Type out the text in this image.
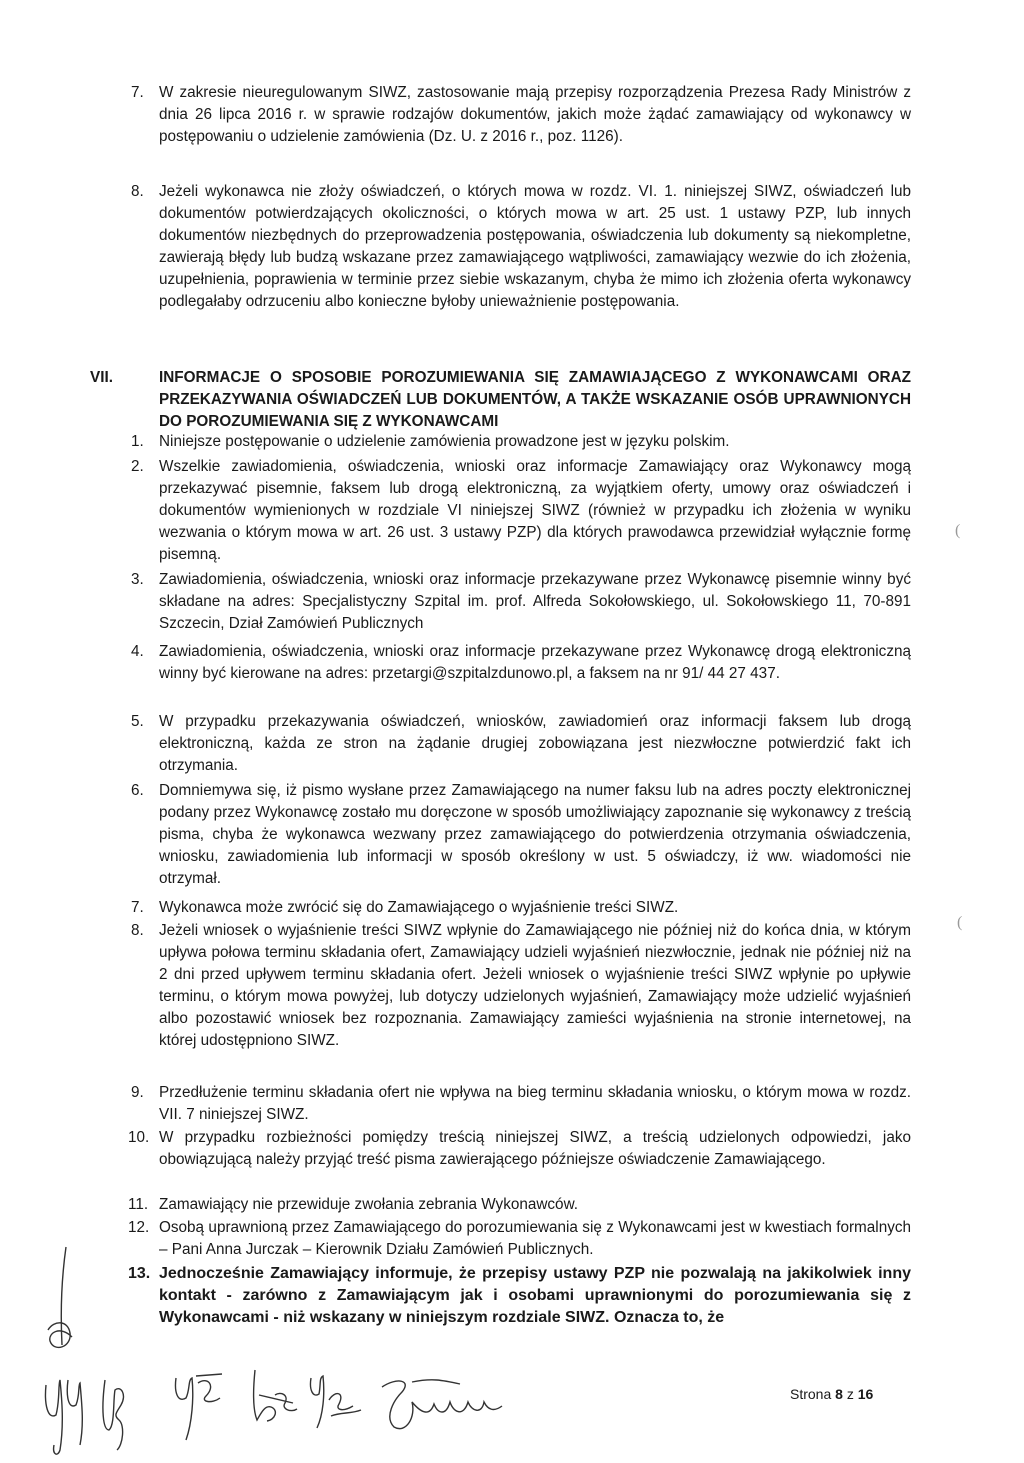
7. W zakresie nieuregulowanym SIWZ, zastosowanie mają przepisy rozporządzenia Prezesa Rady Ministrów z dnia 26 lipca 2016 r. w sprawie rodzajów dokumentów, jakich może żądać zamawiający od wykonawcy w postępowaniu o udzielenie zamówienia (Dz. U. z 2016 r., poz. 1126).
8. Jeżeli wykonawca nie złoży oświadczeń, o których mowa w rozdz. VI. 1. niniejszej SIWZ, oświadczeń lub dokumentów potwierdzających okoliczności, o których mowa w art. 25 ust. 1 ustawy PZP, lub innych dokumentów niezbędnych do przeprowadzenia postępowania, oświadczenia lub dokumenty są niekompletne, zawierają błędy lub budzą wskazane przez zamawiającego wątpliwości, zamawiający wezwie do ich złożenia, uzupełnienia, poprawienia w terminie przez siebie wskazanym, chyba że mimo ich złożenia oferta wykonawcy podlegałaby odrzuceniu albo konieczne byłoby unieważnienie postępowania.
VII.	INFORMACJE O SPOSOBIE POROZUMIEWANIA SIĘ ZAMAWIAJĄCEGO Z WYKONAWCAMI ORAZ PRZEKAZYWANIA OŚWIADCZEŃ LUB DOKUMENTÓW, A TAKŻE WSKAZANIE OSÓB UPRAWNIONYCH DO POROZUMIEWANIA SIĘ Z WYKONAWCAMI
1. Niniejsze postępowanie o udzielenie zamówienia prowadzone jest w języku polskim.
2. Wszelkie zawiadomienia, oświadczenia, wnioski oraz informacje Zamawiający oraz Wykonawcy mogą przekazywać pisemnie, faksem lub drogą elektroniczną, za wyjątkiem oferty, umowy oraz oświadczeń i dokumentów wymienionych w rozdziale VI niniejszej SIWZ (również w przypadku ich złożenia w wyniku wezwania o którym mowa w art. 26 ust. 3 ustawy PZP) dla których prawodawca przewidział wyłącznie formę pisemną.
3. Zawiadomienia, oświadczenia, wnioski oraz informacje przekazywane przez Wykonawcę pisemnie winny być składane na adres: Specjalistyczny Szpital im. prof. Alfreda Sokołowskiego, ul. Sokołowskiego 11, 70-891 Szczecin, Dział Zamówień Publicznych
4. Zawiadomienia, oświadczenia, wnioski oraz informacje przekazywane przez Wykonawcę drogą elektroniczną winny być kierowane na adres: przetargi@szpitalzdunowo.pl, a faksem na nr 91/ 44 27 437.
5. W przypadku przekazywania oświadczeń, wniosków, zawiadomień oraz informacji faksem lub drogą elektroniczną, każda ze stron na żądanie drugiej zobowiązana jest niezwłoczne potwierdzić fakt ich otrzymania.
6. Domniemywa się, iż pismo wysłane przez Zamawiającego na numer faksu lub na adres poczty elektronicznej podany przez Wykonawcę zostało mu doręczone w sposób umożliwiający zapoznanie się wykonawcy z treścią pisma, chyba że wykonawca wezwany przez zamawiającego do potwierdzenia otrzymania oświadczenia, wniosku, zawiadomienia lub informacji w sposób określony w ust. 5 oświadczy, iż ww. wiadomości nie otrzymał.
7. Wykonawca może zwrócić się do Zamawiającego o wyjaśnienie treści SIWZ.
8. Jeżeli wniosek o wyjaśnienie treści SIWZ wpłynie do Zamawiającego nie później niż do końca dnia, w którym upływa połowa terminu składania ofert, Zamawiający udzieli wyjaśnień niezwłocznie, jednak nie później niż na 2 dni przed upływem terminu składania ofert. Jeżeli wniosek o wyjaśnienie treści SIWZ wpłynie po upływie terminu, o którym mowa powyżej, lub dotyczy udzielonych wyjaśnień, Zamawiający może udzielić wyjaśnień albo pozostawić wniosek bez rozpoznania. Zamawiający zamieści wyjaśnienia na stronie internetowej, na której udostępniono SIWZ.
9. Przedłużenie terminu składania ofert nie wpływa na bieg terminu składania wniosku, o którym mowa w rozdz. VII. 7 niniejszej SIWZ.
10. W przypadku rozbieżności pomiędzy treścią niniejszej SIWZ, a treścią udzielonych odpowiedzi, jako obowiązującą należy przyjąć treść pisma zawierającego późniejsze oświadczenie Zamawiającego.
11. Zamawiający nie przewiduje zwołania zebrania Wykonawców.
12. Osobą uprawnioną przez Zamawiającego do porozumiewania się z Wykonawcami jest w kwestiach formalnych – Pani Anna Jurczak – Kierownik Działu Zamówień Publicznych.
13. Jednocześnie Zamawiający informuje, że przepisy ustawy PZP nie pozwalają na jakikolwiek inny kontakt - zarówno z Zamawiającym jak i osobami uprawnionymi do porozumiewania się z Wykonawcami - niż wskazany w niniejszym rozdziale SIWZ. Oznacza to, że
(
(
Strona 8 z 16
